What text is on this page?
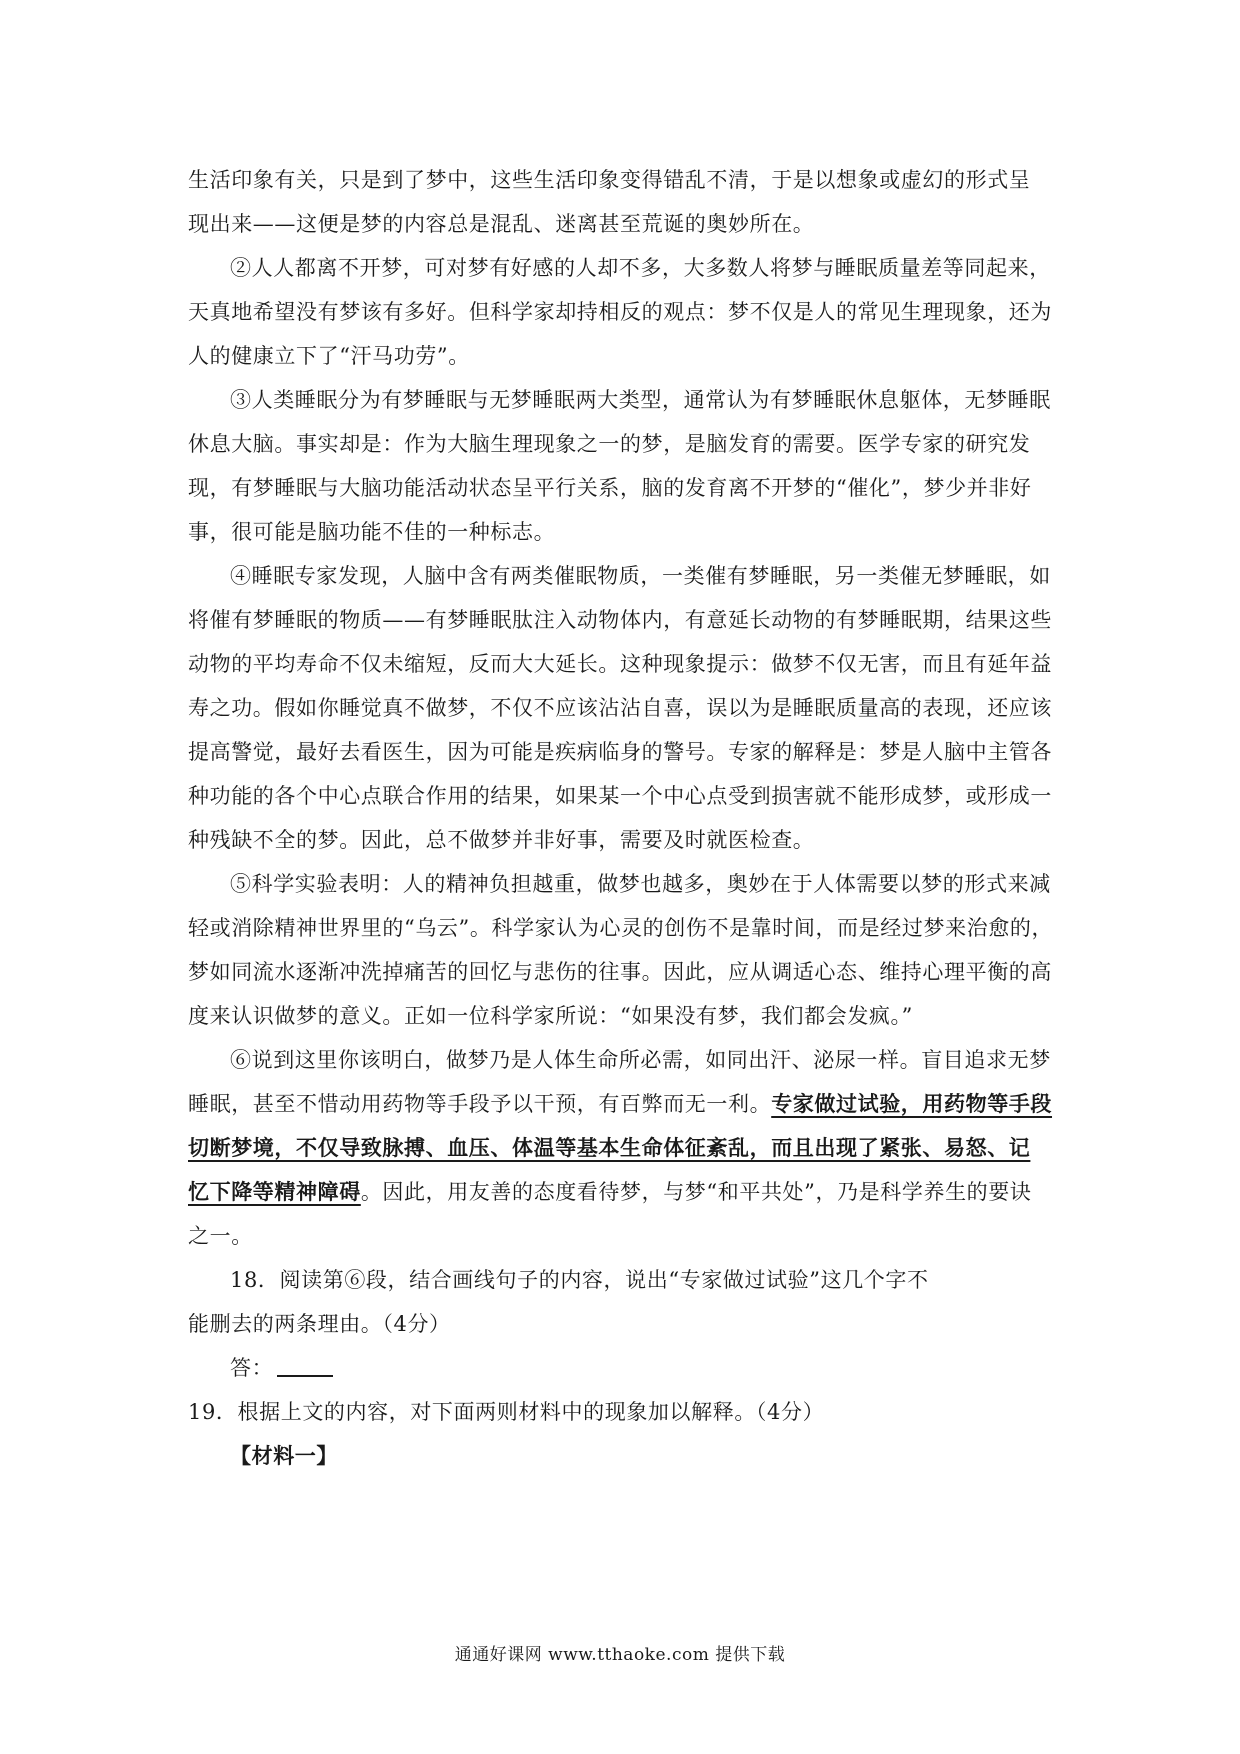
生活印象有关，只是到了梦中，这些生活印象变得错乱不清，于是以想象或虚幻的形式呈
现出来——这便是梦的内容总是混乱、迷离甚至荒诞的奥妙所在。
②人人都离不开梦，可对梦有好感的人却不多，大多数人将梦与睡眠质量差等同起来，
天真地希望没有梦该有多好。但科学家却持相反的观点：梦不仅是人的常见生理现象，还为
人的健康立下了“汗马功劳”。
③人类睡眠分为有梦睡眠与无梦睡眠两大类型，通常认为有梦睡眠休息躯体，无梦睡眠
休息大脑。事实却是：作为大脑生理现象之一的梦，是脑发育的需要。医学专家的研究发
现，有梦睡眠与大脑功能活动状态呈平行关系，脑的发育离不开梦的“催化”，梦少并非好
事，很可能是脑功能不佳的一种标志。
④睡眠专家发现，人脑中含有两类催眠物质，一类催有梦睡眠，另一类催无梦睡眠，如
将催有梦睡眠的物质——有梦睡眠肽注入动物体内，有意延长动物的有梦睡眠期，结果这些
动物的平均寿命不仅未缩短，反而大大延长。这种现象提示：做梦不仅无害，而且有延年益
寿之功。假如你睡觉真不做梦，不仅不应该沾沾自喜，误以为是睡眠质量高的表现，还应该
提高警觉，最好去看医生，因为可能是疾病临身的警号。专家的解释是：梦是人脑中主管各
种功能的各个中心点联合作用的结果，如果某一个中心点受到损害就不能形成梦，或形成一
种残缺不全的梦。因此，总不做梦并非好事，需要及时就医检查。
⑤科学实验表明：人的精神负担越重，做梦也越多，奥妙在于人体需要以梦的形式来减
轻或消除精神世界里的“乌云”。科学家认为心灵的创伤不是靠时间，而是经过梦来治愈的，
梦如同流水逐渐冲洗掉痛苦的回忆与悲伤的往事。因此，应从调适心态、维持心理平衡的高
度来认识做梦的意义。正如一位科学家所说：“如果没有梦，我们都会发疯。”
⑥说到这里你该明白，做梦乃是人体生命所必需，如同出汗、泌尿一样。盲目追求无梦
睡眠，甚至不惜动用药物等手段予以干预，有百弊而无一利。专家做过试验，用药物等手段
切断梦境，不仅导致脉搏、血压、体温等基本生命体征紊乱，而且出现了紧张、易怒、记
忆下降等精神障碍。因此，用友善的态度看待梦，与梦“和平共处”，乃是科学养生的要诀
之一。
18．阅读第⑥段，结合画线句子的内容，说出“专家做过试验”这几个字不
能删去的两条理由。（4分）
答：
19．根据上文的内容，对下面两则材料中的现象加以解释。（4分）
【材料一】
通通好课网 www.tthaoke.com 提供下载
